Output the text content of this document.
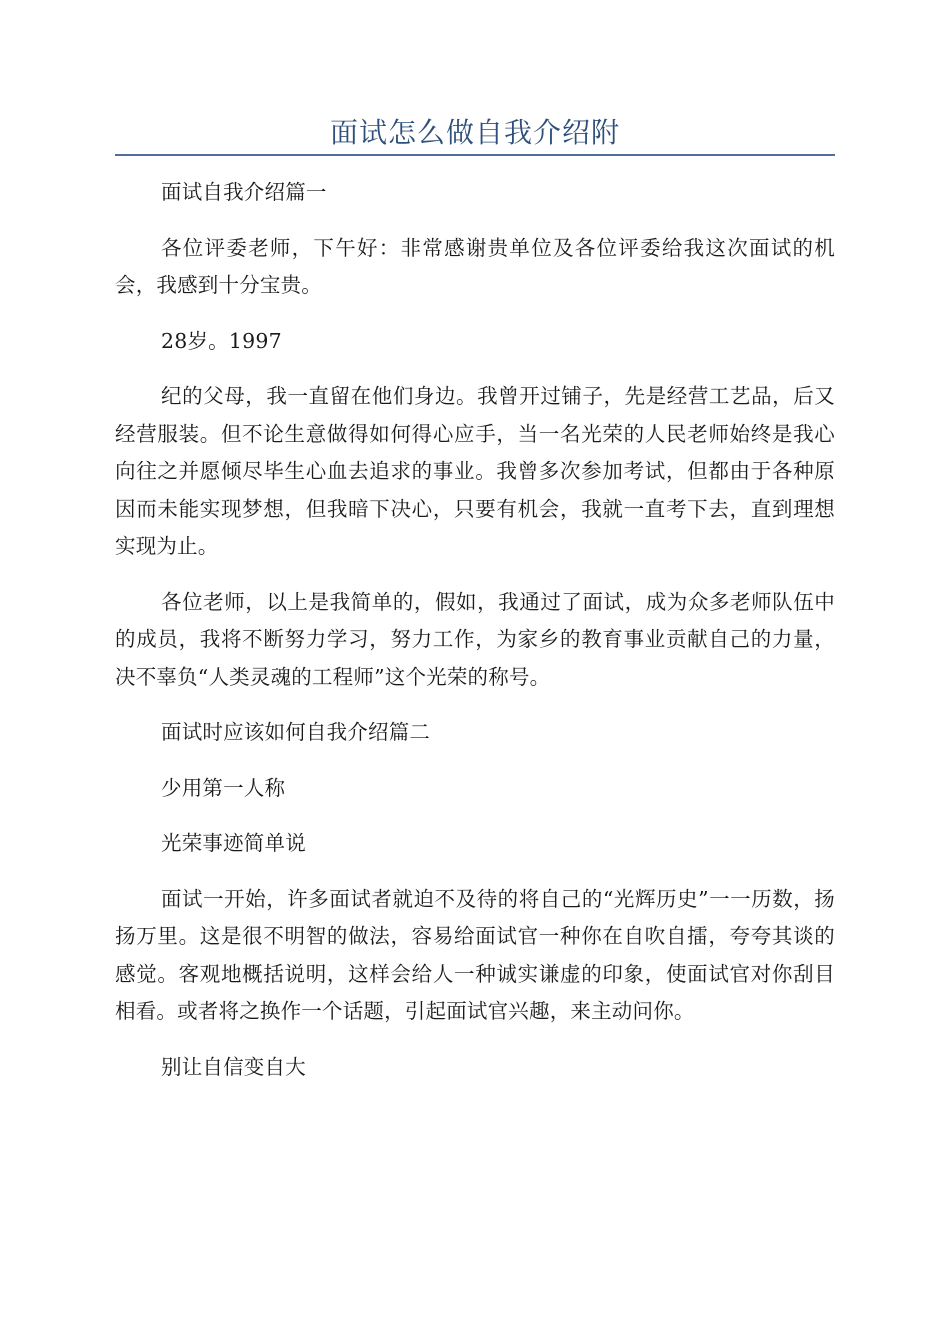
面试怎么做自我介绍附

面试自我介绍篇一

各位评委老师，下午好：非常感谢贵单位及各位评委给我这次面试的机会，我感到十分宝贵。

28岁。1997

纪的父母，我一直留在他们身边。我曾开过铺子，先是经营工艺品，后又经营服装。但不论生意做得如何得心应手，当一名光荣的人民老师始终是我心向往之并愿倾尽毕生心血去追求的事业。我曾多次参加考试，但都由于各种原因而未能实现梦想，但我暗下决心，只要有机会，我就一直考下去，直到理想实现为止。

各位老师，以上是我简单的，假如，我通过了面试，成为众多老师队伍中的成员，我将不断努力学习，努力工作，为家乡的教育事业贡献自己的力量，决不辜负“人类灵魂的工程师”这个光荣的称号。

面试时应该如何自我介绍篇二

少用第一人称

光荣事迹简单说

面试一开始，许多面试者就迫不及待的将自己的“光辉历史”一一历数，扬扬万里。这是很不明智的做法，容易给面试官一种你在自吹自擂，夸夸其谈的感觉。客观地概括说明，这样会给人一种诚实谦虚的印象，使面试官对你刮目相看。或者将之换作一个话题，引起面试官兴趣，来主动问你。

别让自信变自大
